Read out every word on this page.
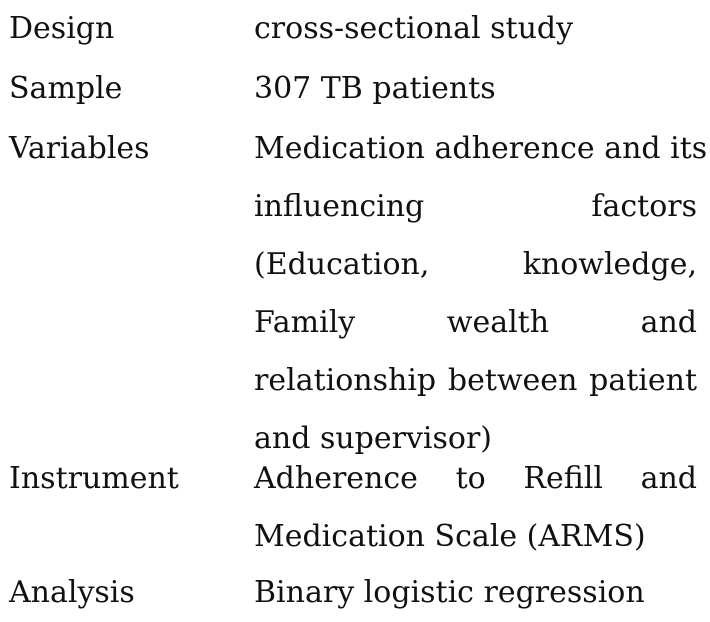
Design	cross-sectional study
Sample	307 TB patients
Variables	Medication adherence and its
influencing factors
(Education, knowledge,
Family wealth and
relationship between patient
and supervisor)
Instrument	Adherence to Refill and
Medication Scale (ARMS)
Analysis	Binary logistic regression
